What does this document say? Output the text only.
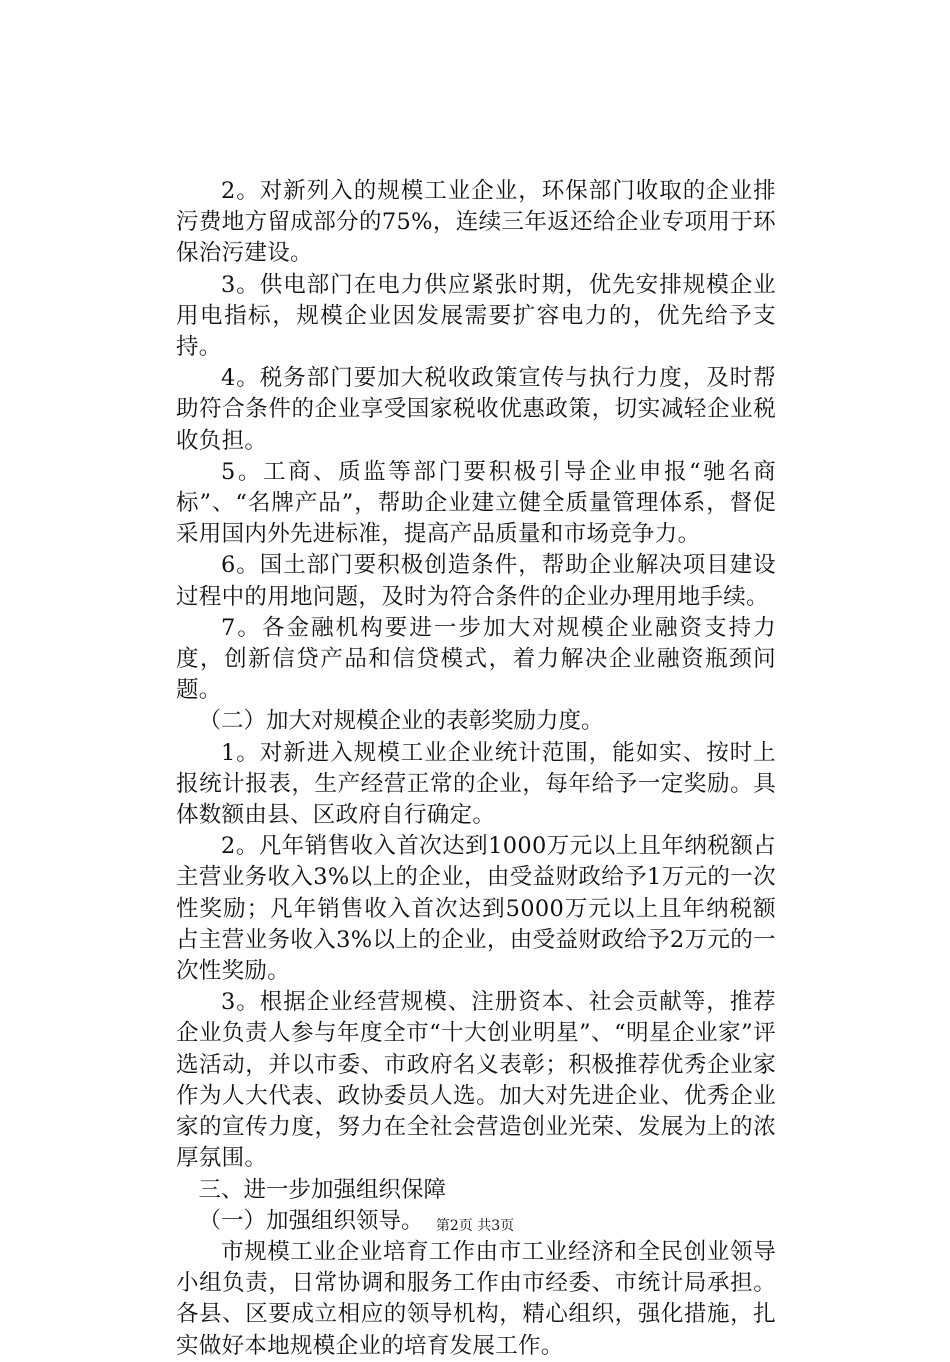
2。对新列入的规模工业企业，环保部门收取的企业排污费地方留成部分的75%，连续三年返还给企业专项用于环保治污建设。

3。供电部门在电力供应紧张时期，优先安排规模企业用电指标，规模企业因发展需要扩容电力的，优先给予支持。

4。税务部门要加大税收政策宣传与执行力度，及时帮助符合条件的企业享受国家税收优惠政策，切实减轻企业税收负担。

5。工商、质监等部门要积极引导企业申报“驰名商标”、“名牌产品”，帮助企业建立健全质量管理体系，督促采用国内外先进标准，提高产品质量和市场竞争力。

6。国土部门要积极创造条件，帮助企业解决项目建设过程中的用地问题，及时为符合条件的企业办理用地手续。

7。各金融机构要进一步加大对规模企业融资支持力度，创新信贷产品和信贷模式，着力解决企业融资瓶颈问题。

（二）加大对规模企业的表彰奖励力度。

1。对新进入规模工业企业统计范围，能如实、按时上报统计报表，生产经营正常的企业，每年给予一定奖励。具体数额由县、区政府自行确定。

2。凡年销售收入首次达到1000万元以上且年纳税额占主营业务收入3%以上的企业，由受益财政给予1万元的一次性奖励；凡年销售收入首次达到5000万元以上且年纳税额占主营业务收入3%以上的企业，由受益财政给予2万元的一次性奖励。

3。根据企业经营规模、注册资本、社会贡献等，推荐企业负责人参与年度全市“十大创业明星”、“明星企业家”评选活动，并以市委、市政府名义表彰；积极推荐优秀企业家作为人大代表、政协委员人选。加大对先进企业、优秀企业家的宣传力度，努力在全社会营造创业光荣、发展为上的浓厚氛围。

三、进一步加强组织保障

（一）加强组织领导。

市规模工业企业培育工作由市工业经济和全民创业领导小组负责，日常协调和服务工作由市经委、市统计局承担。各县、区要成立相应的领导机构，精心组织，强化措施，扎实做好本地规模企业的培育发展工作。

第2页 共3页
